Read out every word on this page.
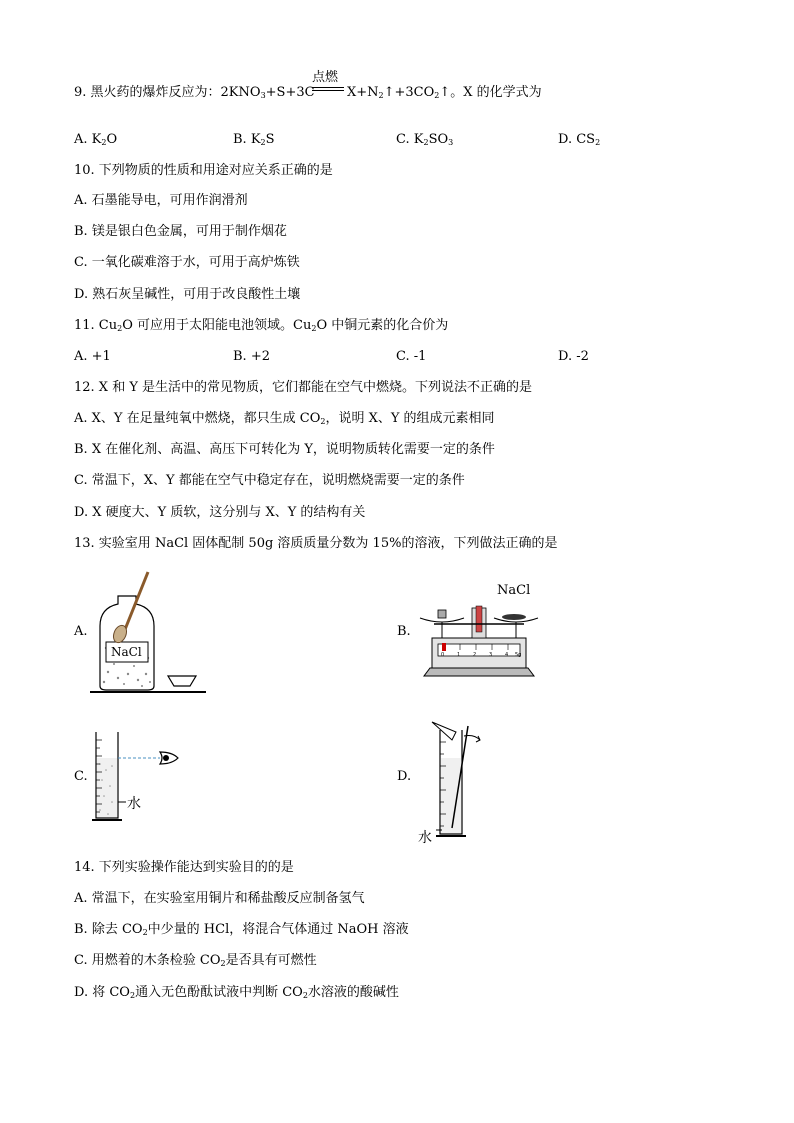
点燃
9. 黑火药的爆炸反应为：$2KNO_3+S+3C$ $X+N_2↑+3CO_2↑$。X 的化学式为
A. $K_2O$	B. $K_2S$	C. $K_2SO_3$	D. $CS_2$
10. 下列物质的性质和用途对应关系正确的是
A. 石墨能导电，可用作润滑剂
B. 镁是银白色金属，可用于制作烟花
C. 一氧化碳难溶于水，可用于高炉炼铁
D. 熟石灰呈碱性，可用于改良酸性土壤
11. $Cu_2O$ 可应用于太阳能电池领域。$Cu_2O$ 中铜元素的化合价为
A. +1	B. +2	C. -1	D. -2
12. X 和 Y 是生活中的常见物质，它们都能在空气中燃烧。下列说法不正确的是
A. X、Y 在足量纯氧中燃烧，都只生成 $CO_2$，说明 X、Y 的组成元素相同
B. X 在催化剂、高温、高压下可转化为 Y，说明物质转化需要一定的条件
C. 常温下，X、Y 都能在空气中稳定存在，说明燃烧需要一定的条件
D. X 硬度大、Y 质软，这分别与 X、Y 的结构有关
13. 实验室用 NaCl 固体配制 50g 溶质质量分数为 15%的溶液，下列做法正确的是
A.	B.
C.	D.
NaCl
NaCl
0	1	2	3	4 5g
水
水
14. 下列实验操作能达到实验目的的是
A. 常温下，在实验室用铜片和稀盐酸反应制备氢气
B. 除去 $CO_2$中少量的 HCl，将混合气体通过 NaOH 溶液
C. 用燃着的木条检验 $CO_2$是否具有可燃性
D. 将 $CO_2$通入无色酚酞试液中判断 $CO_2$水溶液的酸碱性
